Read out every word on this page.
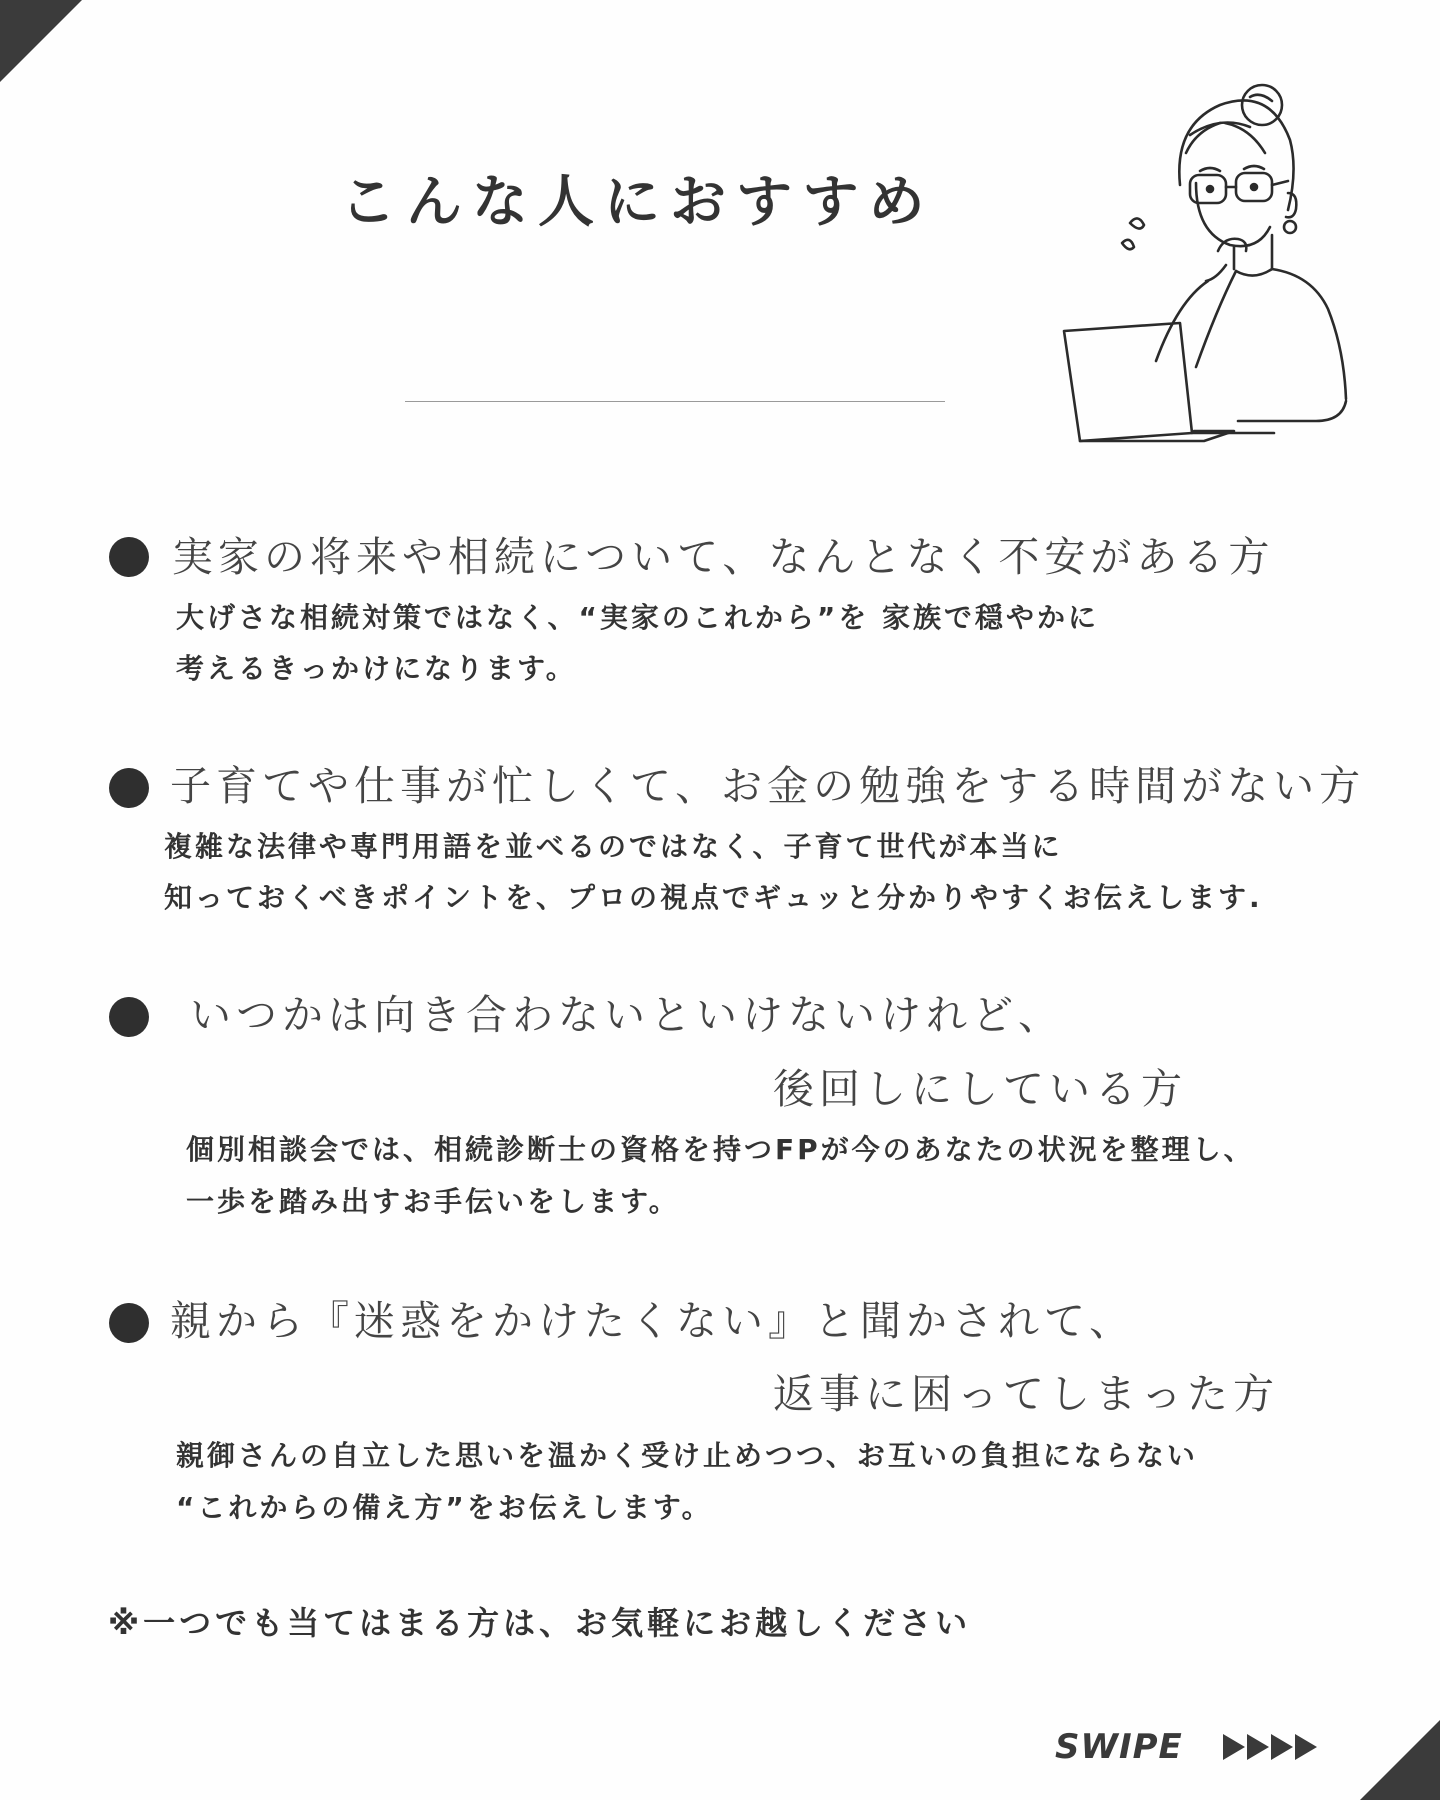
こんな人におすすめ
実家の将来や相続について、なんとなく不安がある方
大げさな相続対策ではなく、“実家のこれから”を 家族で穏やかに
考えるきっかけになります。
子育てや仕事が忙しくて、お金の勉強をする時間がない方
複雑な法律や専門用語を並べるのではなく、子育て世代が本当に
知っておくべきポイントを、プロの視点でギュッと分かりやすくお伝えします.
いつかは向き合わないといけないけれど、
後回しにしている方
個別相談会では、相続診断士の資格を持つFPが今のあなたの状況を整理し、
一歩を踏み出すお手伝いをします。
親から『迷惑をかけたくない』と聞かされて、
返事に困ってしまった方
親御さんの自立した思いを温かく受け止めつつ、お互いの負担にならない
“これからの備え方”をお伝えします。
※一つでも当てはまる方は、お気軽にお越しください
SWIPE
